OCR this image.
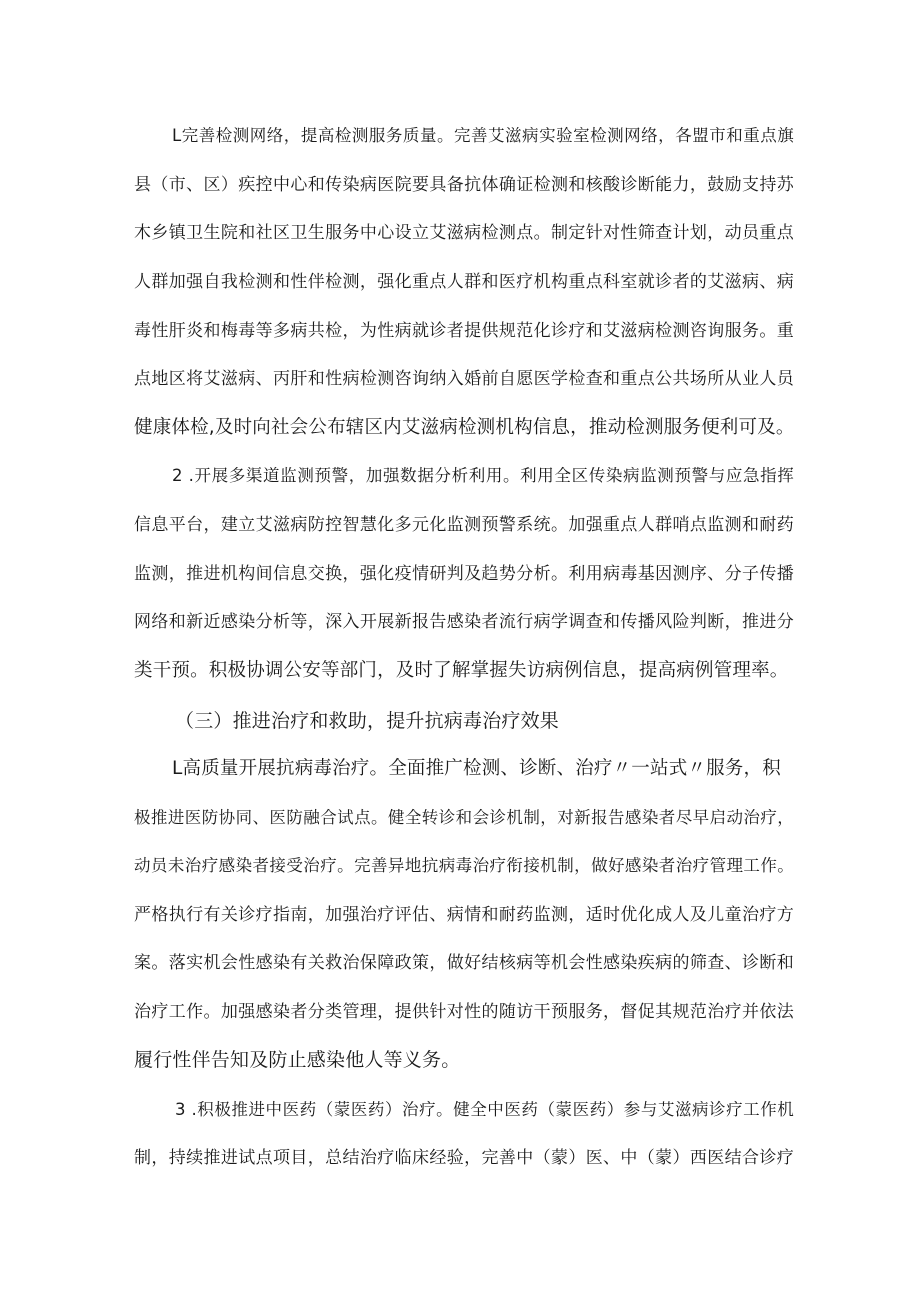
L完善检测网络，提高检测服务质量。完善艾滋病实验室检测网络，各盟市和重点旗
县（市、区）疾控中心和传染病医院要具备抗体确证检测和核酸诊断能力，鼓励支持苏
木乡镇卫生院和社区卫生服务中心设立艾滋病检测点。制定针对性筛查计划，动员重点
人群加强自我检测和性伴检测，强化重点人群和医疗机构重点科室就诊者的艾滋病、病
毒性肝炎和梅毒等多病共检，为性病就诊者提供规范化诊疗和艾滋病检测咨询服务。重
点地区将艾滋病、丙肝和性病检测咨询纳入婚前自愿医学检查和重点公共场所从业人员
健康体检,及时向社会公布辖区内艾滋病检测机构信息，推动检测服务便利可及。
2 .开展多渠道监测预警，加强数据分析利用。利用全区传染病监测预警与应急指挥
信息平台，建立艾滋病防控智慧化多元化监测预警系统。加强重点人群哨点监测和耐药
监测，推进机构间信息交换，强化疫情研判及趋势分析。利用病毒基因测序、分子传播
网络和新近感染分析等，深入开展新报告感染者流行病学调查和传播风险判断，推进分
类干预。积极协调公安等部门，及时了解掌握失访病例信息，提高病例管理率。
（三）推进治疗和救助，提升抗病毒治疗效果
L高质量开展抗病毒治疗。全面推广检测、诊断、治疗〃一站式〃服务，积
极推进医防协同、医防融合试点。健全转诊和会诊机制，对新报告感染者尽早启动治疗，
动员未治疗感染者接受治疗。完善异地抗病毒治疗衔接机制，做好感染者治疗管理工作。
严格执行有关诊疗指南，加强治疗评估、病情和耐药监测，适时优化成人及儿童治疗方
案。落实机会性感染有关救治保障政策，做好结核病等机会性感染疾病的筛查、诊断和
治疗工作。加强感染者分类管理，提供针对性的随访干预服务，督促其规范治疗并依法
履行性伴告知及防止感染他人等义务。
3 .积极推进中医药（蒙医药）治疗。健全中医药（蒙医药）参与艾滋病诊疗工作机
制，持续推进试点项目，总结治疗临床经验，完善中（蒙）医、中（蒙）西医结合诊疗
